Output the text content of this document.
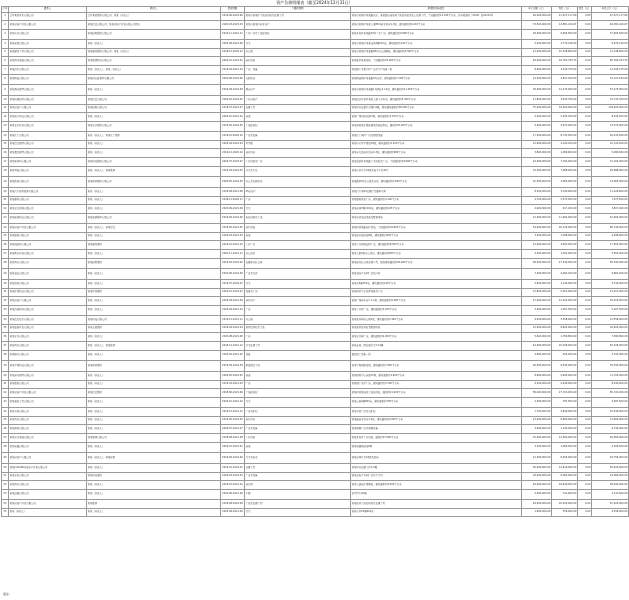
资产负债明细表（截至2024年12月31日）
序号	债务人	担保人	借款期限	主要担保物	担保物具体信息	本金余额（元）	利息（元）	罚息（元）	本息合计（元）
1	江苏某某置业有限公司	江苏某某集团有限公司；某某（自然人）	2019.06-2022.06	某某市某某区土地使用权及在建工程	某某市某某区某某路以东、某某路以南地块土地使用权及地上在建工程，土地面积约12,345平方米，证号某国用（2018）第00123号	46,000,000.00	21,527,117.80	0.00	67,527,117.80
2	某某房地产开发有限公司	某某投资有限公司；某某房地产开发有限公司股东	2020.03-2023.03	某某市某某区商业房产	某某市某某区某某大道88号商业用房1-3层，建筑面积约6,210平方米	33,500,000.00	12,881,416.67	0.00	46,381,416.67
3	某某实业有限公司	某某控股集团有限公司	2019.11-2021.11	工业厂房及土地使用权	某某开发区某某路18号工业厂房，建筑面积约9,800平方米	28,000,000.00	9,905,560.00	0.00	37,905,560.00
4	某某商贸有限公司	某某（自然人）	2020.08-2021.08	住宅	某某市某某区某某花园3幢501室，建筑面积约142平方米	5,200,000.00	1,770,126.00	0.00	6,970,126.00
5	某某建设工程有限公司	某某建设集团有限公司；某某（自然人）	2018.12-2020.12	办公楼	某某市某某区某某路66号办公楼整栋，建筑面积约4,560平方米	21,000,000.00	10,348,800.00	0.00	31,348,800.00
6	某某置业发展有限公司	某某集团股份有限公司	2020.01-2023.01	商业用地	某某新区某某地块，土地面积约25,000平方米	62,000,000.00	18,760,333.33	0.00	80,760,333.33
7	某某纺织有限公司	某某（自然人）；某某（自然人）	2019.04-2021.04	厂房、设备	某某镇工业集中区厂房及生产设备一批	8,600,000.00	3,416,725.00	0.00	12,016,725.00
8	某某物流有限公司	某某供应链管理有限公司	2020.06-2022.06	仓储用房	某某物流园区某某路9号仓库，建筑面积约7,200平方米	14,300,000.00	4,821,540.00	0.00	19,121,540.00
9	某某酒店管理有限公司	某某（自然人）	2019.09-2022.09	酒店房产	某某市某某区某某路1号酒店1-12层，建筑面积约11,000平方米	39,000,000.00	14,275,000.00	0.00	53,275,000.00
10	某某机械制造有限公司	某某投资有限公司	2020.02-2022.02	工业房地产	某某经济开发区某某大道工业用房，建筑面积约5,300平方米	11,800,000.00	3,934,760.00	0.00	15,734,760.00
11	某某房地产有限公司	某某控股有限公司	2018.07-2021.07	在建工程	某某项目在建住宅楼1-6幢，规划建筑面积约48,000平方米	75,000,000.00	34,620,000.00	0.00	109,620,000.00
12	某某电子科技有限公司	某某（自然人）	2020.10-2021.10	商铺	某某广场1层商铺12间，建筑面积约1,150平方米	6,400,000.00	2,035,200.00	0.00	8,435,200.00
13	某某农业开发有限公司	某某农业集团有限公司	2019.05-2022.05	土地使用权	某某县某某乡集体建设用地使用权，面积约30,000平方米	9,900,000.00	3,672,900.00	0.00	13,572,900.00
14	某某化工有限公司	某某（自然人）；某某化工集团	2018.10-2020.10	厂房及设备	某某化工园区厂房及附属设施	17,500,000.00	8,732,500.00	0.00	26,232,500.00
15	某某投资管理有限公司	某某（自然人）	2020.04-2022.04	写字楼	某某中心写字楼第18层，建筑面积约2,100平方米	12,600,000.00	4,120,200.00	0.00	16,720,200.00
16	某某餐饮管理有限公司	某某（自然人）	2019.12-2020.12	商业用房	某某步行街商业用房2-3层，建筑面积约980平方米	3,800,000.00	1,489,600.00	0.00	5,289,600.00
17	某某新材料有限公司	某某科技集团有限公司	2020.07-2023.07	工业用地及厂房	某某高新区某某路工业用地及厂房，土地面积约18,600平方米	24,000,000.00	7,104,000.00	0.00	31,104,000.00
18	某某置地有限公司	某某（自然人）；某某集团	2019.03-2022.03	住宅及车位	某某小区住宅24套及地下车位40个	19,200,000.00	7,488,000.00	0.00	26,688,000.00
19	某某医药有限公司	某某医药集团有限公司	2020.05-2022.05	办公及仓储用房	某某路28号办公楼及仓库，建筑面积约3,600平方米	10,500,000.00	3,465,000.00	0.00	13,965,000.00
20	某某汽车销售服务有限公司	某某（自然人）	2019.08-2021.08	4S店房产	某某汽车城4S店展厅及维修车间	8,100,000.00	3,126,600.00	0.00	11,226,600.00
21	某某建材有限公司	某某（自然人）	2018.11-2020.11	厂房	某某镇某某村厂房，建筑面积约4,100平方米	4,700,000.00	2,373,500.00	0.00	7,073,500.00
22	某某文化传媒有限公司	某某（自然人）	2020.09-2021.09	住宅	某某花园7幢1202室，建筑面积约165平方米	2,900,000.00	917,400.00	0.00	3,817,400.00
23	某某能源科技有限公司	某某能源集团有限公司	2019.06-2022.06	电站设备及土地	某某光伏电站设备及配套用地	31,000,000.00	11,904,000.00	0.00	42,904,000.00
24	某某房地产开发有限公司	某某（自然人）；某某投资	2018.05-2021.05	商住用地	某某区某某路商住用地，土地面积约16,800平方米	54,000,000.00	26,136,000.00	0.00	80,136,000.00
25	某某服饰有限公司	某某（自然人）	2020.03-2021.03	商铺	某某商业街商铺8间，建筑面积约620平方米	3,300,000.00	1,098,900.00	0.00	4,398,900.00
26	某某钢结构有限公司	某某建设集团	2019.10-2021.10	工业厂房	某某工业园钢结构厂房，建筑面积约8,500平方米	13,000,000.00	4,953,000.00	0.00	17,953,000.00
27	某某教育咨询有限公司	某某（自然人）	2020.11-2021.11	办公用房	某某大厦9层办公用房，建筑面积约850平方米	4,200,000.00	1,302,000.00	0.00	5,502,000.00
28	某某置业有限公司	某某控股集团	2019.02-2022.02	在建商业综合体	某某商业综合体在建工程，规划建筑面积约36,000平方米	68,000,000.00	27,540,000.00	0.00	95,540,000.00
29	某某食品有限公司	某某（自然人）	2020.06-2022.06	厂房及冷库	某某食品产业园厂房及冷库	7,400,000.00	2,464,200.00	0.00	9,864,200.00
30	某某贸易有限公司	某某（自然人）	2019.07-2020.07	住宅	某某苑5幢302室，建筑面积约128平方米	2,600,000.00	1,144,000.00	0.00	3,744,000.00
31	某某环保科技有限公司	某某环保集团	2020.01-2022.01	设备及厂房	某某园区污水处理设备及厂房	15,800,000.00	5,451,000.00	0.00	21,251,000.00
32	某某房地产有限公司	某某（自然人）	2018.09-2021.09	商业房产	某某广场商业房产1-2层，建筑面积约5,400平方米	27,000,000.00	12,015,000.00	0.00	39,015,000.00
33	某某包装材料有限公司	某某（自然人）	2020.04-2021.04	厂房	某某工业区厂房，建筑面积约3,200平方米	3,900,000.00	1,267,500.00	0.00	5,167,500.00
34	某某信息技术有限公司	某某科技有限公司	2019.11-2021.11	办公楼	某某软件园办公楼3层，建筑面积约2,400平方米	9,200,000.00	3,358,000.00	0.00	12,558,000.00
35	某某旅游开发有限公司	某某文旅集团	2019.04-2022.04	景区经营权及土地	某某景区经营权及配套用地	22,000,000.00	8,822,000.00	0.00	30,822,000.00
36	某某家具有限公司	某某（自然人）	2020.08-2021.08	厂房	某某家具园厂房，建筑面积约6,000平方米	5,600,000.00	1,780,800.00	0.00	7,380,800.00
37	某某置业有限公司	某某（自然人）；某某集团	2018.12-2021.12	住宅在建工程	某某花园二期在建住宅7-12幢	44,000,000.00	20,328,000.00	0.00	64,328,000.00
38	某某模具有限公司	某某（自然人）	2020.02-2021.02	设备	数控加工设备一批	2,800,000.00	924,000.00	0.00	3,724,000.00
39	某某生物科技有限公司	某某医药集团	2019.09-2022.09	研发楼及土地	某某生物园研发楼，建筑面积约7,800平方米	26,000,000.00	9,542,000.00	0.00	35,542,000.00
40	某某商业管理有限公司	某某（自然人）	2020.05-2022.05	商铺	某某购物中心商铺15间，建筑面积约1,900平方米	8,800,000.00	2,904,000.00	0.00	11,704,000.00
41	某某塑胶有限公司	某某（自然人）	2019.03-2021.03	厂房	某某镇工业区厂房，建筑面积约4,700平方米	6,100,000.00	2,440,000.00	0.00	8,540,000.00
42	某某房地产开发有限公司	某某投资集团	2018.06-2021.06	土地使用权	某某区某某地块土地使用权，面积约21,000平方米	58,000,000.00	27,724,000.00	0.00	85,724,000.00
43	某某装饰工程有限公司	某某（自然人）	2020.10-2021.10	住宅	某某公寓2幢801室，建筑面积约138平方米	2,500,000.00	787,500.00	0.00	3,287,500.00
44	某某石材有限公司	某某（自然人）	2019.12-2021.12	厂房及矿权	某某石材厂房及采矿权	7,700,000.00	2,849,000.00	0.00	10,549,000.00
45	某某置业有限公司	某某（自然人）	2019.05-2022.05	商业用房	某某路商业用房1-4层，建筑面积约4,900平方米	23,000,000.00	8,809,000.00	0.00	31,809,000.00
46	某某印务有限公司	某某（自然人）	2020.07-2021.07	厂房及设备	某某印刷厂房及印刷设备	3,600,000.00	1,130,400.00	0.00	4,730,400.00
47	某某实业发展有限公司	某某集团有限公司	2018.08-2021.08	工业用地	某某开发区工业用地，面积约27,000平方米	32,000,000.00	14,560,000.00	0.00	46,560,000.00
48	某某电器有限公司	某某（自然人）	2020.01-2021.01	商铺	某某电器城商铺6间	3,100,000.00	1,069,500.00	0.00	4,169,500.00
49	某某房地产有限公司	某某（自然人）；某某控股	2019.06-2022.06	住宅及商业	某某家园住宅18套及底商	21,500,000.00	8,256,000.00	0.00	29,756,000.00
50	某某(YALONG)房地产开发有限公司	某某（自然人）	2019.01-2022.01	在建工程	某某项目在建工程1-3幢	36,000,000.00	14,616,000.00	0.00	50,616,000.00
51	某某光电有限公司	某某科技集团	2020.03-2022.03	厂房及设备	某某光电产业园厂房及生产线	18,000,000.00	6,084,000.00	0.00	24,084,000.00
52	某某置业有限公司	某某（自然人）	2018.10-2021.10	商住楼	某某大道商住楼整栋，建筑面积约9,200平方米	40,000,000.00	18,640,000.00	0.00	58,640,000.00
53	某某运输有限公司	某某（自然人）	2020.06-2021.06	车辆	重型货车20辆	2,400,000.00	741,600.00	0.00	3,141,600.00
54	某某房地产开发有限公司	某某集团	2019.08-2022.08	土地及在建工程	某某地块土地使用权及在建工程	49,000,000.00	18,424,000.00	0.00	67,424,000.00
55	某某（自然人）	某某（自然人）	2020.09-2021.09	住宅	某某小区10幢601室	1,800,000.00	558,000.00	0.00	2,358,000.00
备注：
